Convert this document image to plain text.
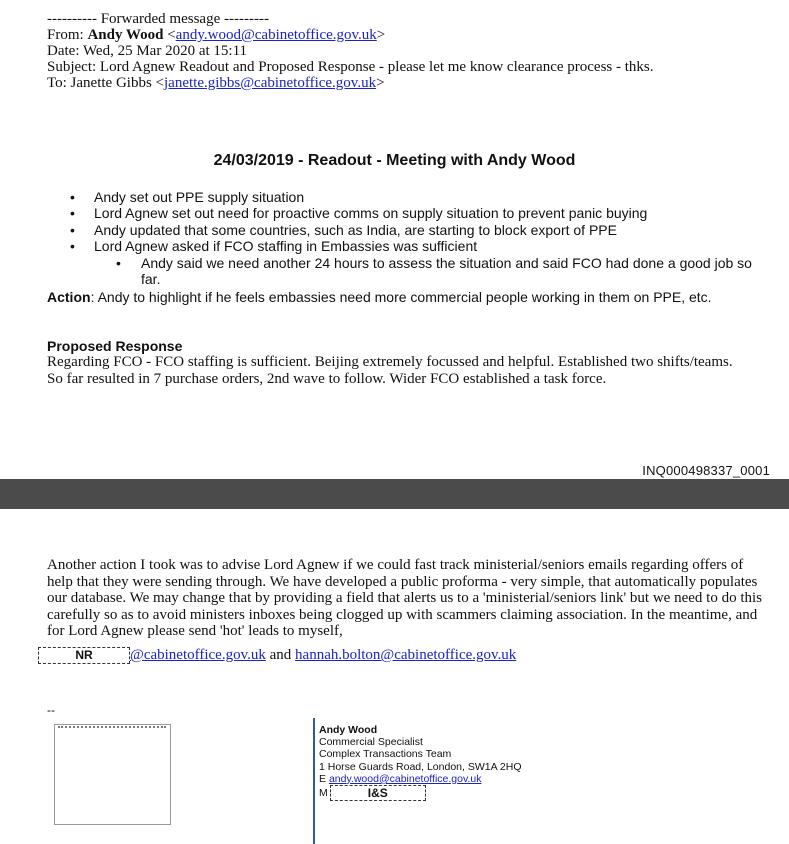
---------- Forwarded message ---------
From: Andy Wood <andy.wood@cabinetoffice.gov.uk>
Date: Wed, 25 Mar 2020 at 15:11
Subject: Lord Agnew Readout and Proposed Response - please let me know clearance process - thks.
To: Janette Gibbs <janette.gibbs@cabinetoffice.gov.uk>
24/03/2019 - Readout - Meeting with Andy Wood
• Andy set out PPE supply situation
• Lord Agnew set out need for proactive comms on supply situation to prevent panic buying
• Andy updated that some countries, such as India, are starting to block export of PPE
• Lord Agnew asked if FCO staffing in Embassies was sufficient
• Andy said we need another 24 hours to assess the situation and said FCO had done a good job so far.
Action: Andy to highlight if he feels embassies need more commercial people working in them on PPE, etc.
Proposed Response
Regarding FCO - FCO staffing is sufficient. Beijing extremely focussed and helpful. Established two shifts/teams. So far resulted in 7 purchase orders, 2nd wave to follow. Wider FCO established a task force.
INQ000498337_0001
Another action I took was to advise Lord Agnew if we could fast track ministerial/seniors emails regarding offers of help that they were sending through. We have developed a public proforma - very simple, that automatically populates our database. We may change that by providing a field that alerts us to a 'ministerial/seniors link' but we need to do this carefully so as to avoid ministers inboxes being clogged up with scammers claiming association. In the meantime, and for Lord Agnew please send 'hot' leads to myself,
NR	@cabinetoffice.gov.uk and hannah.bolton@cabinetoffice.gov.uk
--
Andy Wood
Commercial Specialist
Complex Transactions Team
1 Horse Guards Road, London, SW1A 2HQ
E andy.wood@cabinetoffice.gov.uk
M	I&S
